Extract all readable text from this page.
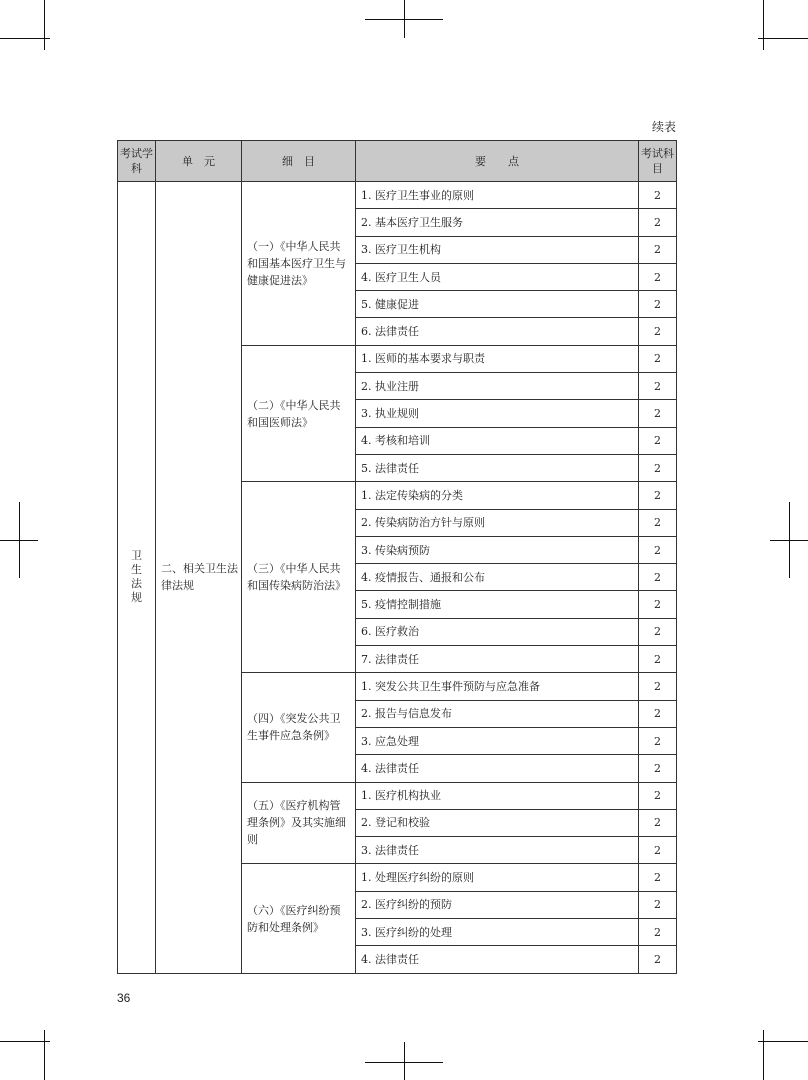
续表
考试学科	单　元	细　目	要　　点	考试科目
卫生法规	二、相关卫生法律法规	（一）《中华人民共和国基本医疗卫生与健康促进法》	1. 医疗卫生事业的原则	2
			2. 基本医疗卫生服务	2
			3. 医疗卫生机构	2
			4. 医疗卫生人员	2
			5. 健康促进	2
			6. 法律责任	2
		（二）《中华人民共和国医师法》	1. 医师的基本要求与职责	2
			2. 执业注册	2
			3. 执业规则	2
			4. 考核和培训	2
			5. 法律责任	2
		（三）《中华人民共和国传染病防治法》	1. 法定传染病的分类	2
			2. 传染病防治方针与原则	2
			3. 传染病预防	2
			4. 疫情报告、通报和公布	2
			5. 疫情控制措施	2
			6. 医疗救治	2
			7. 法律责任	2
		（四）《突发公共卫生事件应急条例》	1. 突发公共卫生事件预防与应急准备	2
			2. 报告与信息发布	2
			3. 应急处理	2
			4. 法律责任	2
		（五）《医疗机构管理条例》及其实施细则	1. 医疗机构执业	2
			2. 登记和校验	2
			3. 法律责任	2
		（六）《医疗纠纷预防和处理条例》	1. 处理医疗纠纷的原则	2
			2. 医疗纠纷的预防	2
			3. 医疗纠纷的处理	2
			4. 法律责任	2
36
